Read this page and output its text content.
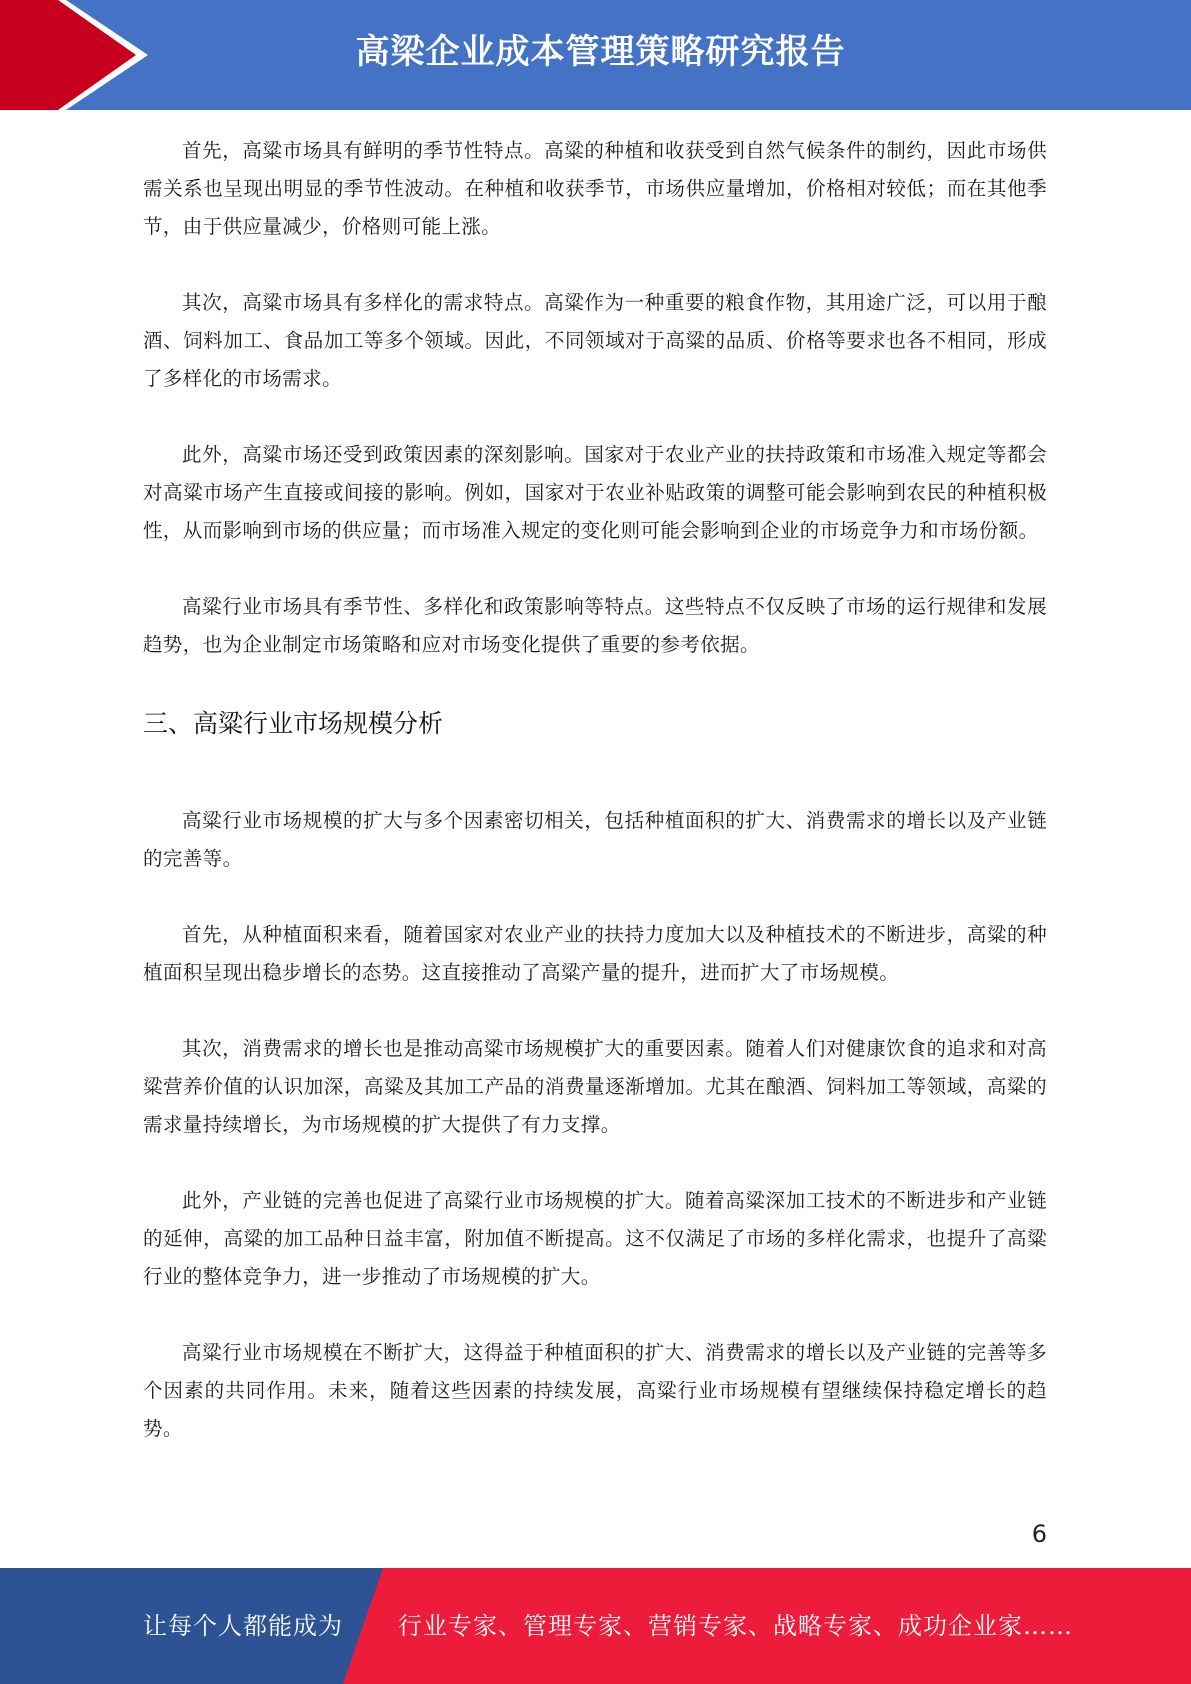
高梁企业成本管理策略研究报告

首先，高粱市场具有鲜明的季节性特点。高粱的种植和收获受到自然气候条件的制约，因此市场供需关系也呈现出明显的季节性波动。在种植和收获季节，市场供应量增加，价格相对较低；而在其他季节，由于供应量减少，价格则可能上涨。

其次，高粱市场具有多样化的需求特点。高粱作为一种重要的粮食作物，其用途广泛，可以用于酿酒、饲料加工、食品加工等多个领域。因此，不同领域对于高粱的品质、价格等要求也各不相同，形成了多样化的市场需求。

此外，高粱市场还受到政策因素的深刻影响。国家对于农业产业的扶持政策和市场准入规定等都会对高粱市场产生直接或间接的影响。例如，国家对于农业补贴政策的调整可能会影响到农民的种植积极性，从而影响到市场的供应量；而市场准入规定的变化则可能会影响到企业的市场竞争力和市场份额。

高粱行业市场具有季节性、多样化和政策影响等特点。这些特点不仅反映了市场的运行规律和发展趋势，也为企业制定市场策略和应对市场变化提供了重要的参考依据。

三、高粱行业市场规模分析

高粱行业市场规模的扩大与多个因素密切相关，包括种植面积的扩大、消费需求的增长以及产业链的完善等。

首先，从种植面积来看，随着国家对农业产业的扶持力度加大以及种植技术的不断进步，高粱的种植面积呈现出稳步增长的态势。这直接推动了高粱产量的提升，进而扩大了市场规模。

其次，消费需求的增长也是推动高粱市场规模扩大的重要因素。随着人们对健康饮食的追求和对高粱营养价值的认识加深，高粱及其加工产品的消费量逐渐增加。尤其在酿酒、饲料加工等领域，高粱的需求量持续增长，为市场规模的扩大提供了有力支撑。

此外，产业链的完善也促进了高粱行业市场规模的扩大。随着高粱深加工技术的不断进步和产业链的延伸，高粱的加工品种日益丰富，附加值不断提高。这不仅满足了市场的多样化需求，也提升了高粱行业的整体竞争力，进一步推动了市场规模的扩大。

高粱行业市场规模在不断扩大，这得益于种植面积的扩大、消费需求的增长以及产业链的完善等多个因素的共同作用。未来，随着这些因素的持续发展，高粱行业市场规模有望继续保持稳定增长的趋势。

6
让每个人都能成为 行业专家、管理专家、营销专家、战略专家、成功企业家……
